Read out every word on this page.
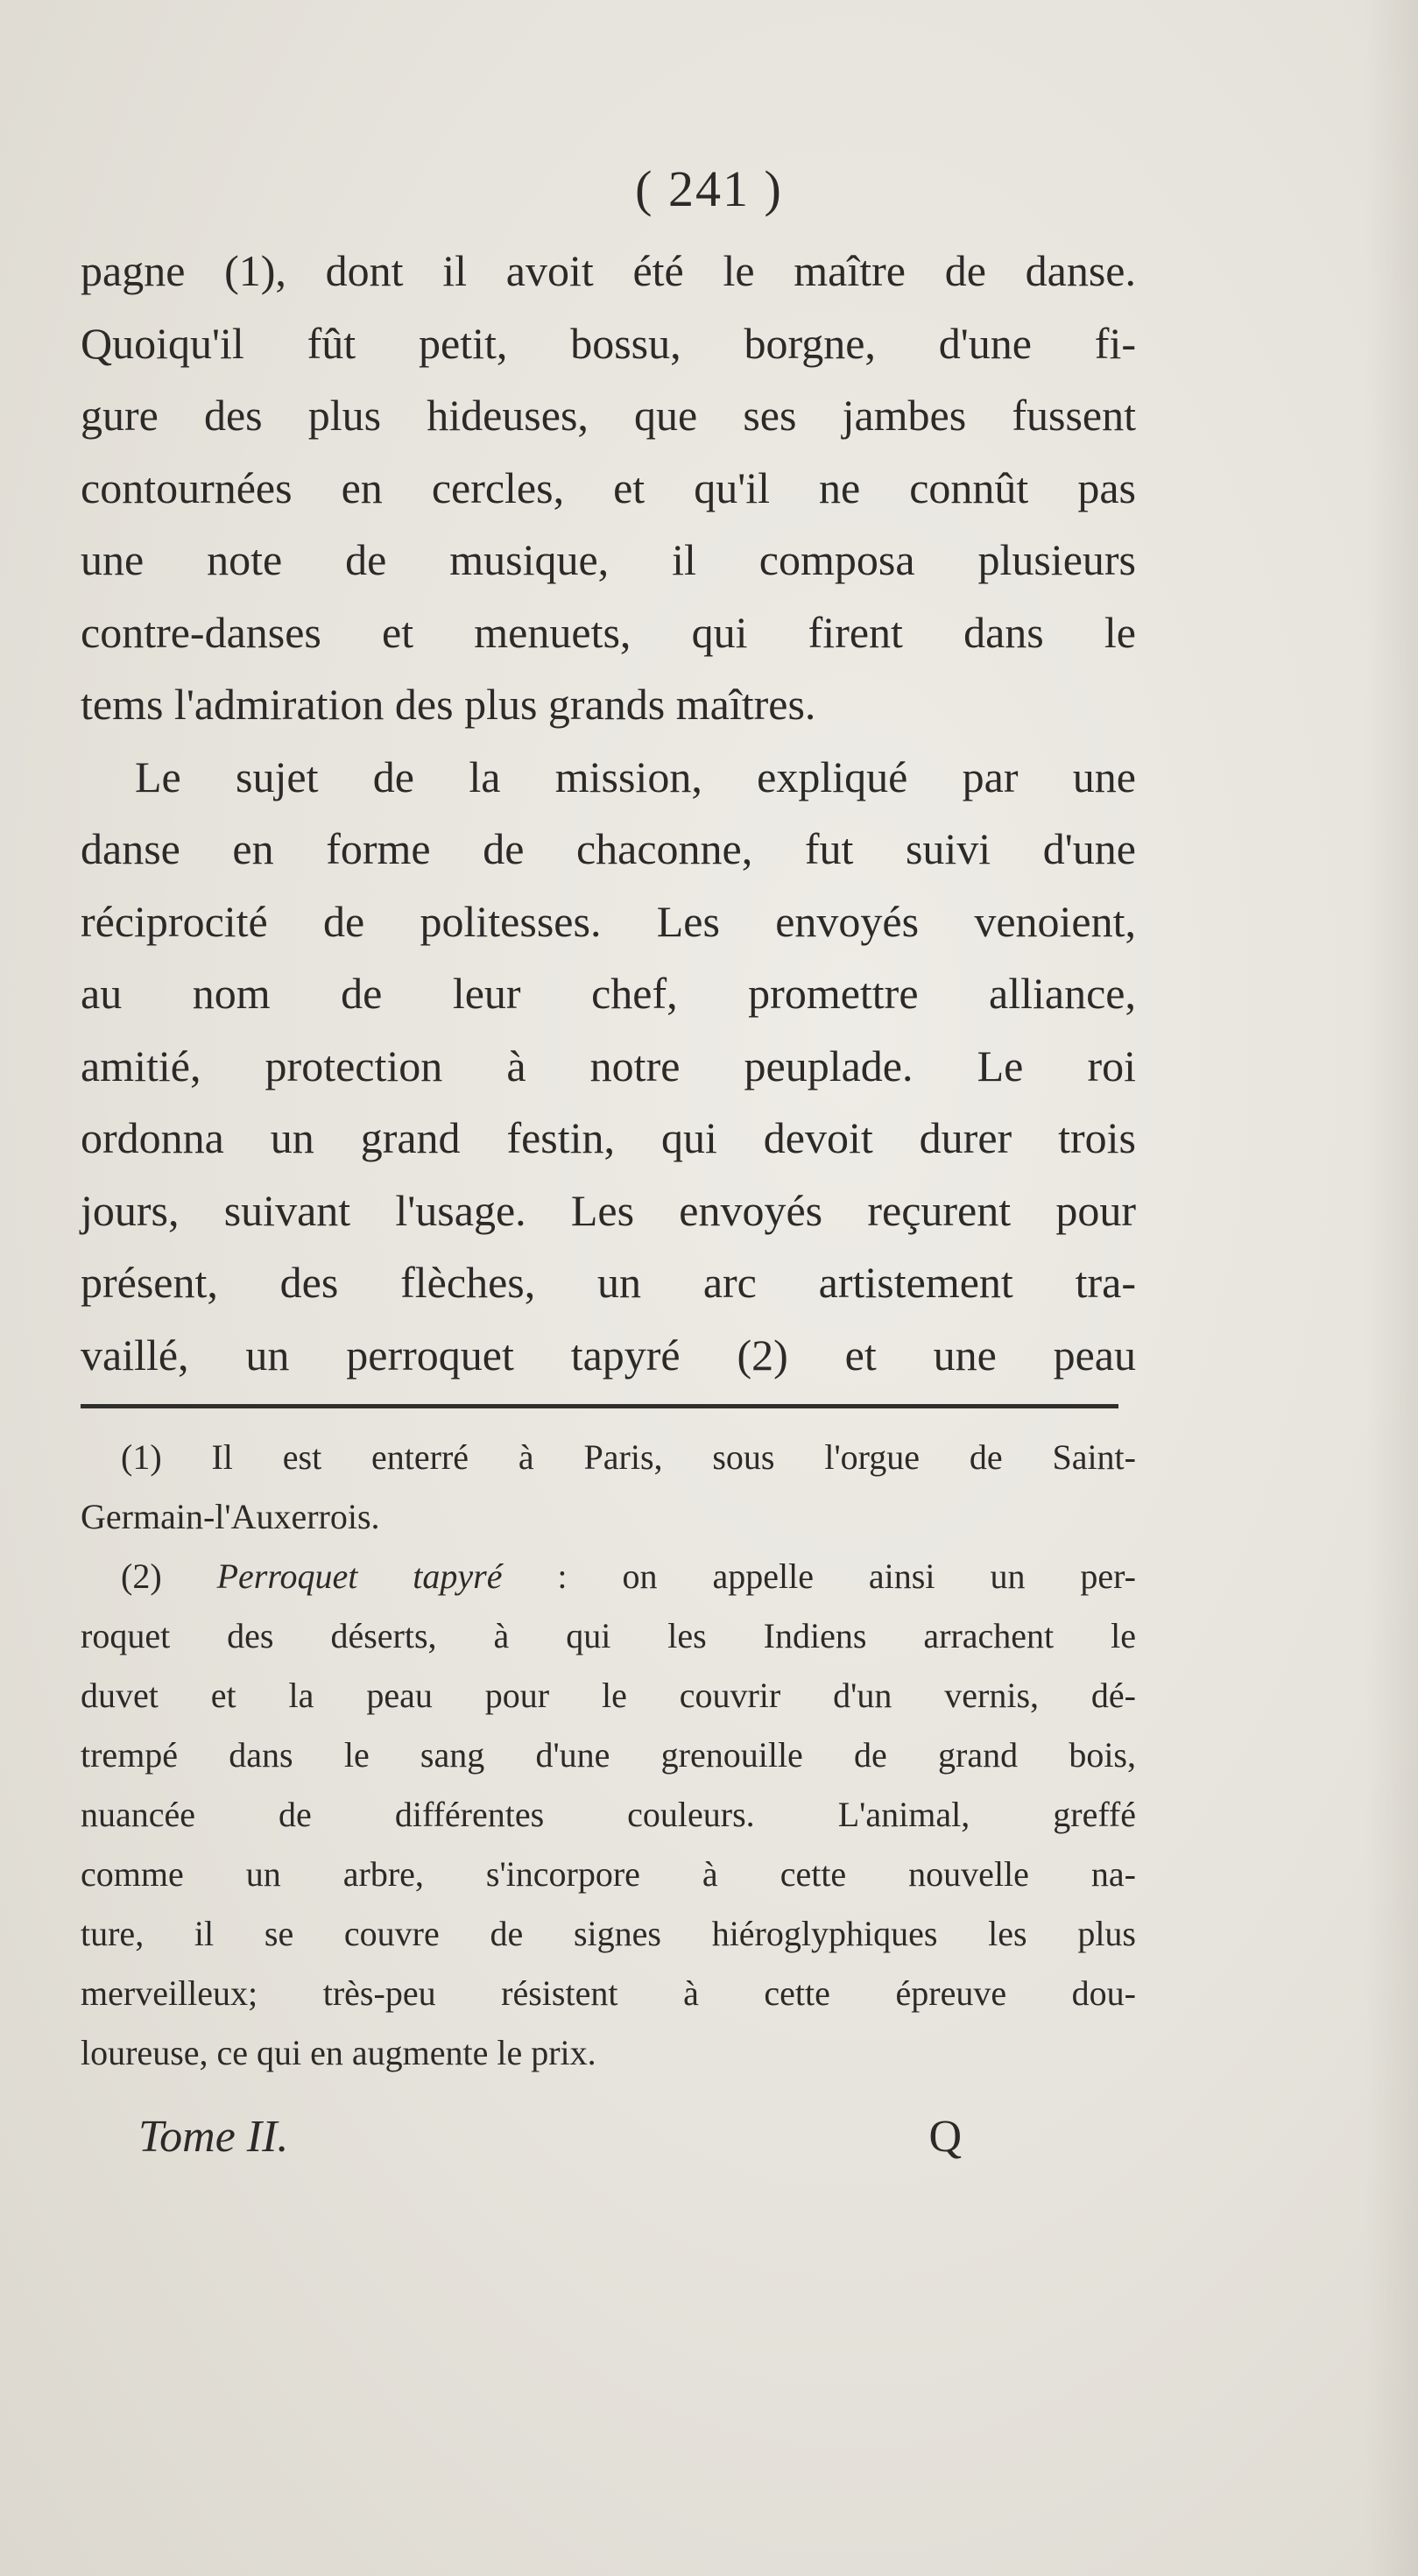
( 241 )
pagne (1), dont il avoit été le maître de danse.
Quoiqu'il fût petit, bossu, borgne, d'une fi-
gure des plus hideuses, que ses jambes fussent
contournées en cercles, et qu'il ne connût pas
une note de musique, il composa plusieurs
contre-danses et menuets, qui firent dans le
tems l'admiration des plus grands maîtres.
Le sujet de la mission, expliqué par une
danse en forme de chaconne, fut suivi d'une
réciprocité de politesses. Les envoyés venoient,
au nom de leur chef, promettre alliance,
amitié, protection à notre peuplade. Le roi
ordonna un grand festin, qui devoit durer trois
jours, suivant l'usage. Les envoyés reçurent pour
présent, des flèches, un arc artistement tra-
vaillé, un perroquet tapyré (2) et une peau
(1) Il est enterré à Paris, sous l'orgue de Saint-
Germain-l'Auxerrois.
(2) Perroquet tapyré : on appelle ainsi un per-
roquet des déserts, à qui les Indiens arrachent le
duvet et la peau pour le couvrir d'un vernis, dé-
trempé dans le sang d'une grenouille de grand bois,
nuancée de différentes couleurs. L'animal, greffé
comme un arbre, s'incorpore à cette nouvelle na-
ture, il se couvre de signes hiéroglyphiques les plus
merveilleux; très-peu résistent à cette épreuve dou-
loureuse, ce qui en augmente le prix.
Tome II.	Q
